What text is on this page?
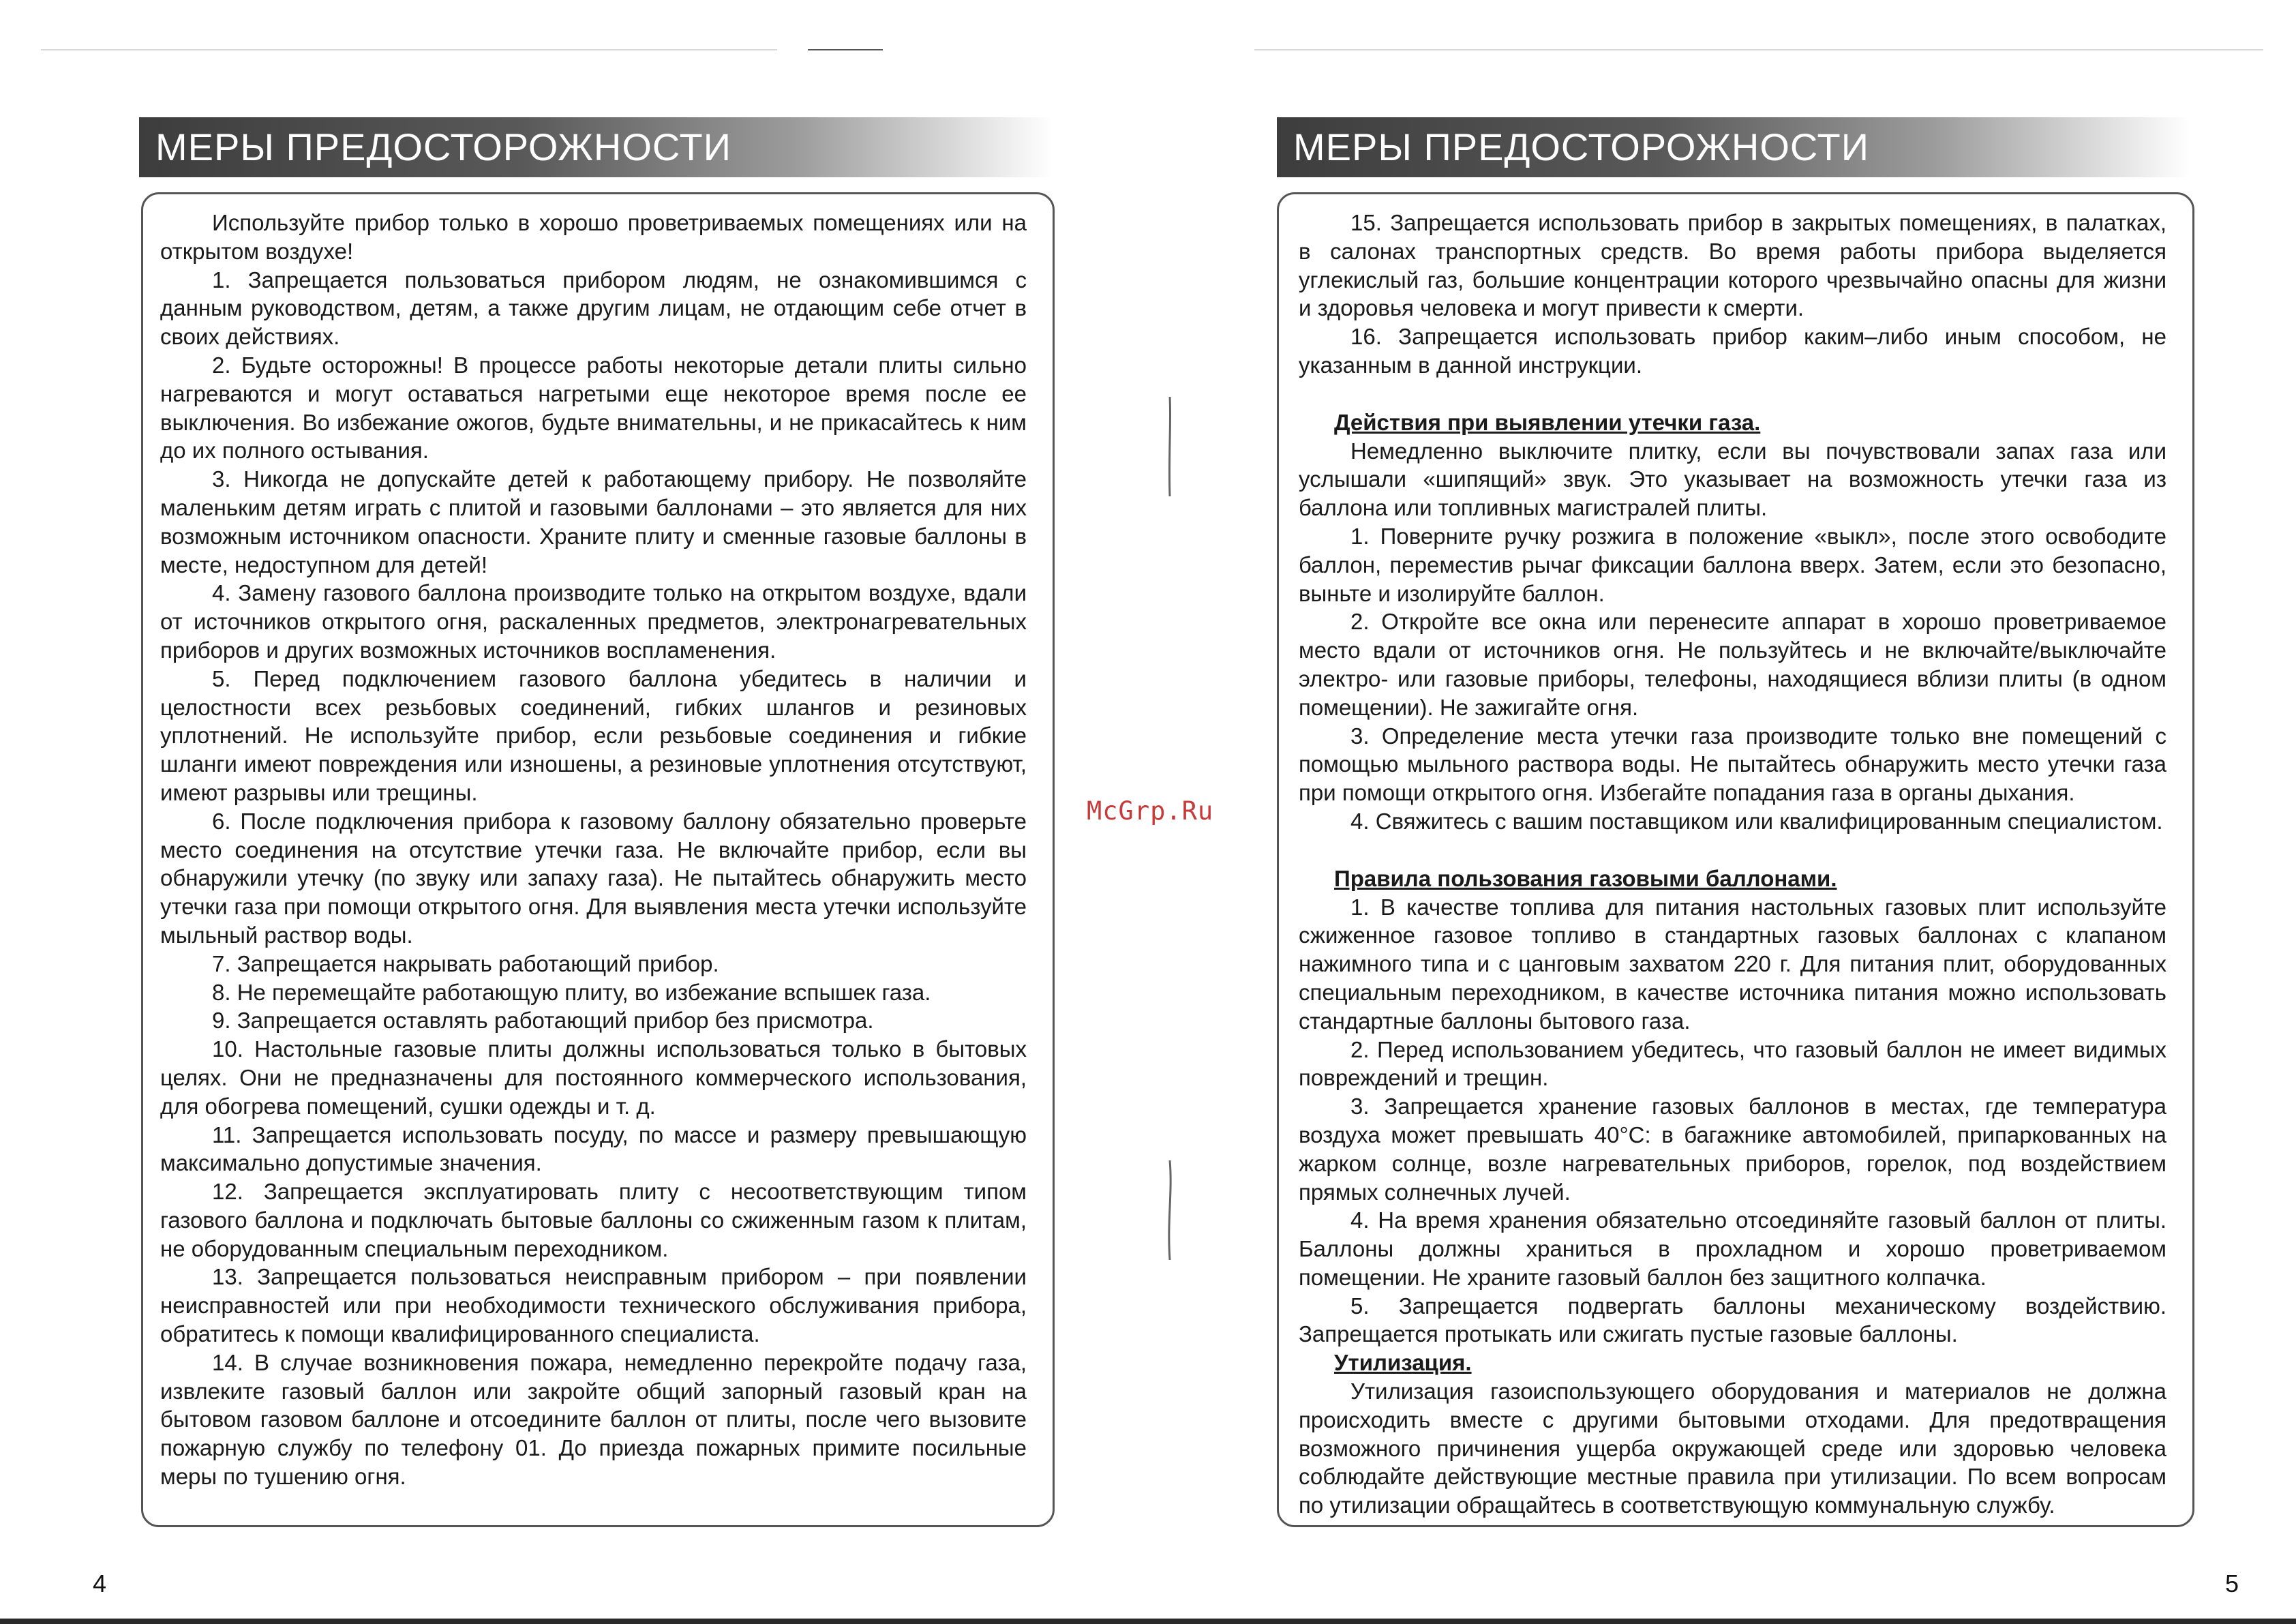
МЕРЫ ПРЕДОСТОРОЖНОСТИ

Используйте прибор только в хорошо проветриваемых помещениях или на открытом воздухе!

1. Запрещается пользоваться прибором людям, не ознакомившимся с данным руководством, детям, а также другим лицам, не отдающим себе отчет в своих действиях.

2. Будьте осторожны! В процессе работы некоторые детали плиты сильно нагреваются и могут оставаться нагретыми еще некоторое время после ее выключения. Во избежание ожогов, будьте внимательны, и не прикасайтесь к ним до их полного остывания.

3. Никогда не допускайте детей к работающему прибору. Не позволяйте маленьким детям играть с плитой и газовыми баллонами – это является для них возможным источником опасности. Храните плиту и сменные газовые баллоны в месте, недоступном для детей!

4. Замену газового баллона производите только на открытом воздухе, вдали от источников открытого огня, раскаленных предметов, электронагревательных приборов и других возможных источников воспламенения.

5. Перед подключением газового баллона убедитесь в наличии и целостности всех резьбовых соединений, гибких шлангов и резиновых уплотнений. Не используйте прибор, если резьбовые соединения и гибкие шланги имеют повреждения или изношены, а резиновые уплотнения отсутствуют, имеют разрывы или трещины.

6. После подключения прибора к газовому баллону обязательно проверьте место соединения на отсутствие утечки газа. Не включайте прибор, если вы обнаружили утечку (по звуку или запаху газа). Не пытайтесь обнаружить место утечки газа при помощи открытого огня. Для выявления места утечки используйте мыльный раствор воды.

7. Запрещается накрывать работающий прибор.

8. Не перемещайте работающую плиту, во избежание вспышек газа.

9. Запрещается оставлять работающий прибор без присмотра.

10. Настольные газовые плиты должны использоваться только в бытовых целях. Они не предназначены для постоянного коммерческого использования, для обогрева помещений, сушки одежды и т. д.

11. Запрещается использовать посуду, по массе и размеру превышающую максимально допустимые значения.

12. Запрещается эксплуатировать плиту с несоответствующим типом газового баллона и подключать бытовые баллоны со сжиженным газом к плитам, не оборудованным специальным переходником.

13. Запрещается пользоваться неисправным прибором – при появлении неисправностей или при необходимости технического обслуживания прибора, обратитесь к помощи квалифицированного специалиста.

14. В случае возникновения пожара, немедленно перекройте подачу газа, извлеките газовый баллон или закройте общий запорный газовый кран на бытовом газовом баллоне и отсоедините баллон от плиты, после чего вызовите пожарную службу по телефону 01. До приезда пожарных примите посильные меры по тушению огня.

4
McGrp.Ru
МЕРЫ ПРЕДОСТОРОЖНОСТИ

15. Запрещается использовать прибор в закрытых помещениях, в палатках, в салонах транспортных средств. Во время работы прибора выделяется углекислый газ, большие концентрации которого чрезвычайно опасны для жизни и здоровья человека и могут привести к смерти.

16. Запрещается использовать прибор каким–либо иным способом, не указанным в данной инструкции.

Действия при выявлении утечки газа.

Немедленно выключите плитку, если вы почувствовали запах газа или услышали «шипящий» звук. Это указывает на возможность утечки газа из баллона или топливных магистралей плиты.

1. Поверните ручку розжига в положение «выкл», после этого освободите баллон, переместив рычаг фиксации баллона вверх. Затем, если это безопасно, выньте и изолируйте баллон.

2. Откройте все окна или перенесите аппарат в хорошо проветриваемое место вдали от источников огня. Не пользуйтесь и не включайте/выключайте электро- или газовые приборы, телефоны, находящиеся вблизи плиты (в одном помещении). Не зажигайте огня.

3. Определение места утечки газа производите только вне помещений с помощью мыльного раствора воды. Не пытайтесь обнаружить место утечки газа при помощи открытого огня. Избегайте попадания газа в органы дыхания.

4. Свяжитесь с вашим поставщиком или квалифицированным специалистом.

Правила пользования газовыми баллонами.

1. В качестве топлива для питания настольных газовых плит используйте сжиженное газовое топливо в стандартных газовых баллонах с клапаном нажимного типа и с цанговым захватом 220 г. Для питания плит, оборудованных специальным переходником, в качестве источника питания можно использовать стандартные баллоны бытового газа.

2. Перед использованием убедитесь, что газовый баллон не имеет видимых повреждений и трещин.

3. Запрещается хранение газовых баллонов в местах, где температура воздуха может превышать 40°С: в багажнике автомобилей, припаркованных на жарком солнце, возле нагревательных приборов, горелок, под воздействием прямых солнечных лучей.

4. На время хранения обязательно отсоединяйте газовый баллон от плиты. Баллоны должны храниться в прохладном и хорошо проветриваемом помещении. Не храните газовый баллон без защитного колпачка.

5. Запрещается подвергать баллоны механическому воздействию. Запрещается протыкать или сжигать пустые газовые баллоны.

Утилизация.

Утилизация газоиспользующего оборудования и материалов не должна происходить вместе с другими бытовыми отходами. Для предотвращения возможного причинения ущерба окружающей среде или здоровью человека соблюдайте действующие местные правила при утилизации. По всем вопросам по утилизации обращайтесь в соответствующую коммунальную службу.

5
